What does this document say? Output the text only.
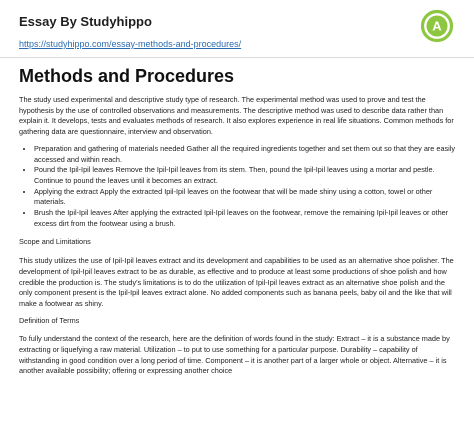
Essay By Studyhippo
https://studyhippo.com/essay-methods-and-procedures/
A
Methods and Procedures

The study used experimental and descriptive study type of research. The experimental method was used to prove and test the hypothesis by the use of controlled observations and measurements. The descriptive method was used to describe data rather than explain it. It develops, tests and evaluates methods of research. It also explores experience in real life situations. Common methods for gathering data are questionnaire, interview and observation.

• Preparation and gathering of materials needed Gather all the required ingredients together and set them out so that they are easily accessed and within reach.
• Pound the Ipil-Ipil leaves Remove the Ipil-Ipil leaves from its stem. Then, pound the Ipil-Ipil leaves using a mortar and pestle. Continue to pound the leaves until it becomes an extract.
• Applying the extract Apply the extracted Ipil-Ipil leaves on the footwear that will be made shiny using a cotton, towel or other materials.
• Brush the Ipil-Ipil leaves After applying the extracted Ipil-Ipil leaves on the footwear, remove the remaining Ipil-Ipil leaves or other excess dirt from the footwear using a brush.
Scope and Limitations

This study utilizes the use of Ipil-Ipil leaves extract and its development and capabilities to be used as an alternative shoe polisher. The development of Ipil-Ipil leaves extract to be as durable, as effective and to produce at least some productions of shoe polish and how credible the production is. The study's limitations is to do the utilization of Ipil-Ipil leaves extract as an alternative shoe polish and the only component present is the Ipil-Ipil leaves extract alone. No added components such as banana peels, baby oil and the like that will make a footwear as shiny.

Definition of Terms

To fully understand the context of the research, here are the definition of words found in the study: Extract – it is a substance made by extracting or liquefying a raw material. Utilization – to put to use something for a particular purpose. Durability – capability of withstanding in good condition over a long period of time. Component – it is another part of a larger whole or object. Alternative – it is another available possibility; offering or expressing another choice
